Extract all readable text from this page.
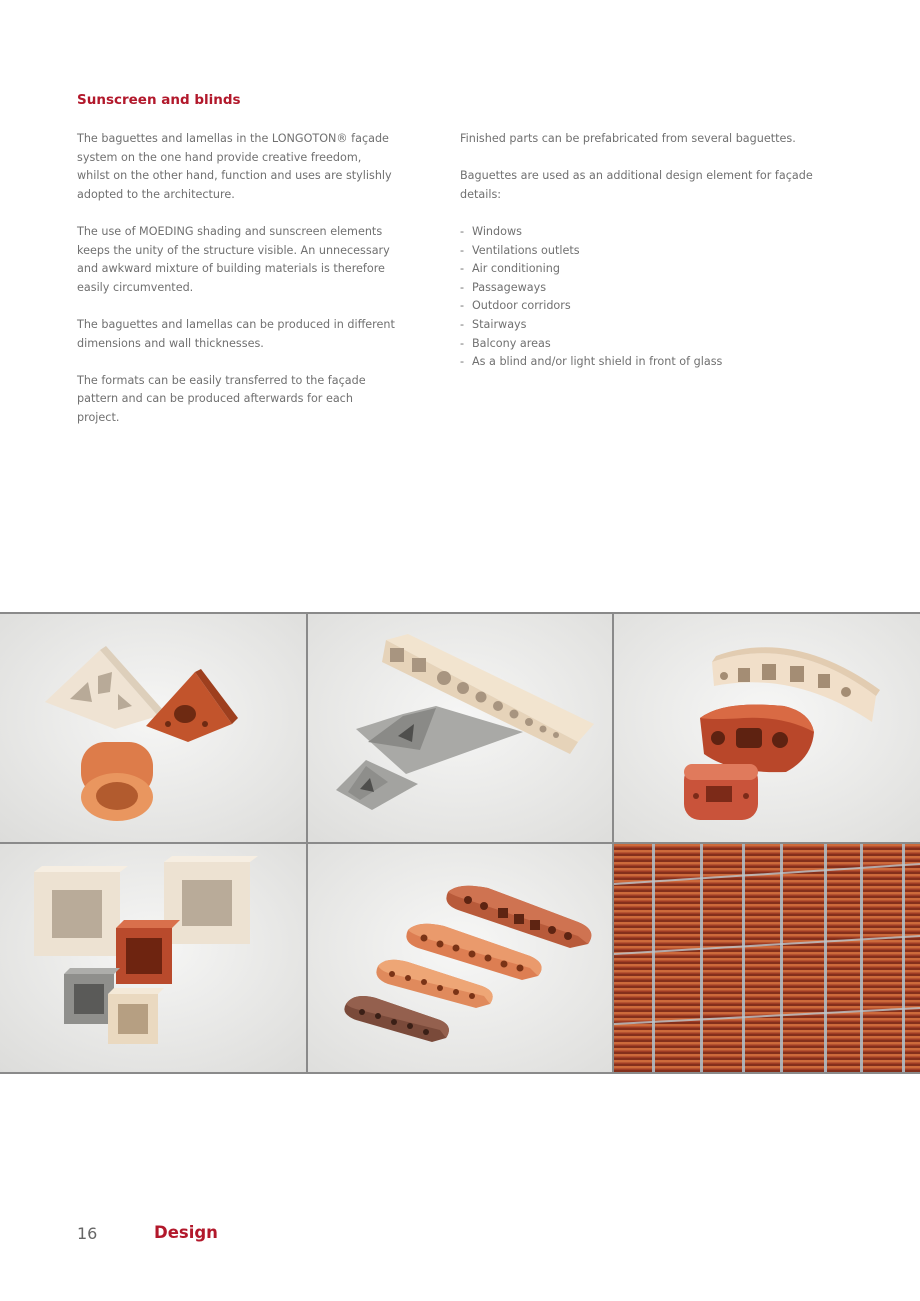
Sunscreen and blinds

The baguettes and lamellas in the LONGOTON® façade system on the one hand provide creative freedom, whilst on the other hand, function and uses are stylishly adopted to the architecture.

The use of MOEDING shading and sunscreen elements keeps the unity of the structure visible. An unnecessary and awkward mixture of building materials is therefore easily circumvented.

The baguettes and lamellas can be produced in different dimensions and wall thicknesses.

The formats can be easily transferred to the façade pattern and can be produced afterwards for each project.

Finished parts can be prefabricated from several baguettes.

Baguettes are used as an additional design element for façade details:

- Windows
- Ventilations outlets
- Air conditioning
- Passageways
- Outdoor corridors
- Stairways
- Balcony areas
- As a blind and/or light shield in front of glass
16	Design
